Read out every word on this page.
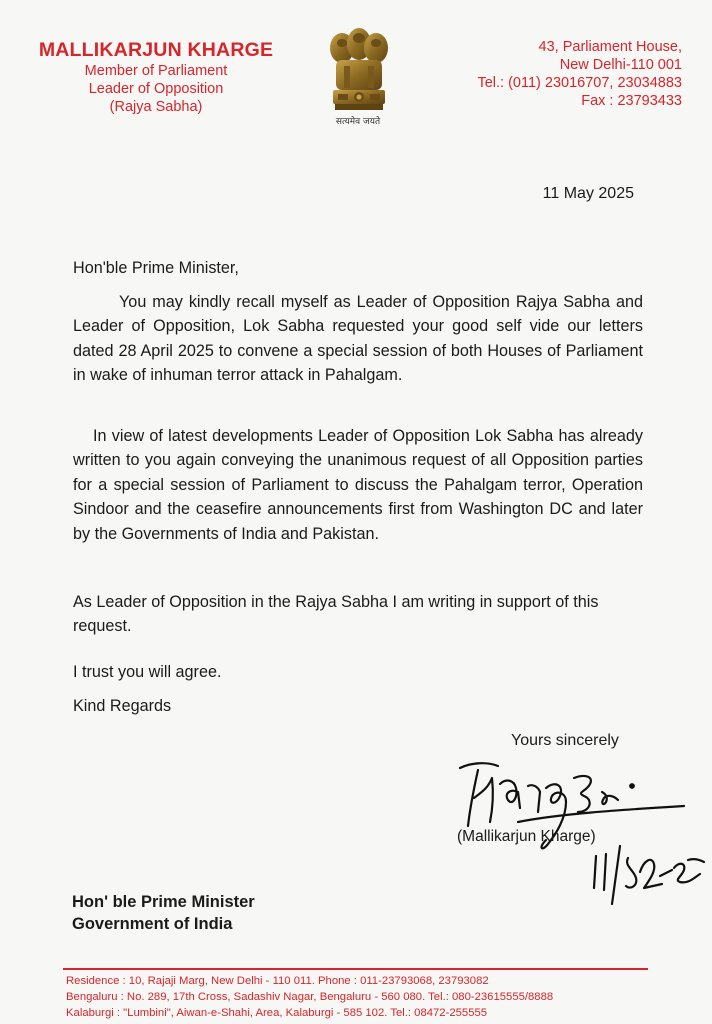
MALLIKARJUN KHARGE
Member of Parliament
Leader of Opposition
(Rajya Sabha)
सत्यमेव जयते
43, Parliament House,
New Delhi-110 001
Tel.: (011) 23016707, 23034883
Fax : 23793433
11 May 2025
Hon'ble Prime Minister,
You may kindly recall myself as Leader of Opposition Rajya Sabha and Leader of Opposition, Lok Sabha requested your good self vide our letters dated 28 April 2025 to convene a special session of both Houses of Parliament in wake of inhuman terror attack in Pahalgam.
In view of latest developments Leader of Opposition Lok Sabha has already written to you again conveying the unanimous request of all Opposition parties for a special session of Parliament to discuss the Pahalgam terror, Operation Sindoor and the ceasefire announcements first from Washington DC and later by the Governments of India and Pakistan.
As Leader of Opposition in the Rajya Sabha I am writing in support of this request.
I trust you will agree.
Kind Regards
Yours sincerely
(Mallikarjun Kharge)
Hon' ble Prime Minister
Government of India
Residence : 10, Rajaji Marg, New Delhi - 110 011. Phone : 011-23793068, 23793082
Bengaluru : No. 289, 17th Cross, Sadashiv Nagar, Bengaluru - 560 080. Tel.: 080-23615555/8888
Kalaburgi : "Lumbini", Aiwan-e-Shahi, Area, Kalaburgi - 585 102. Tel.: 08472-255555
